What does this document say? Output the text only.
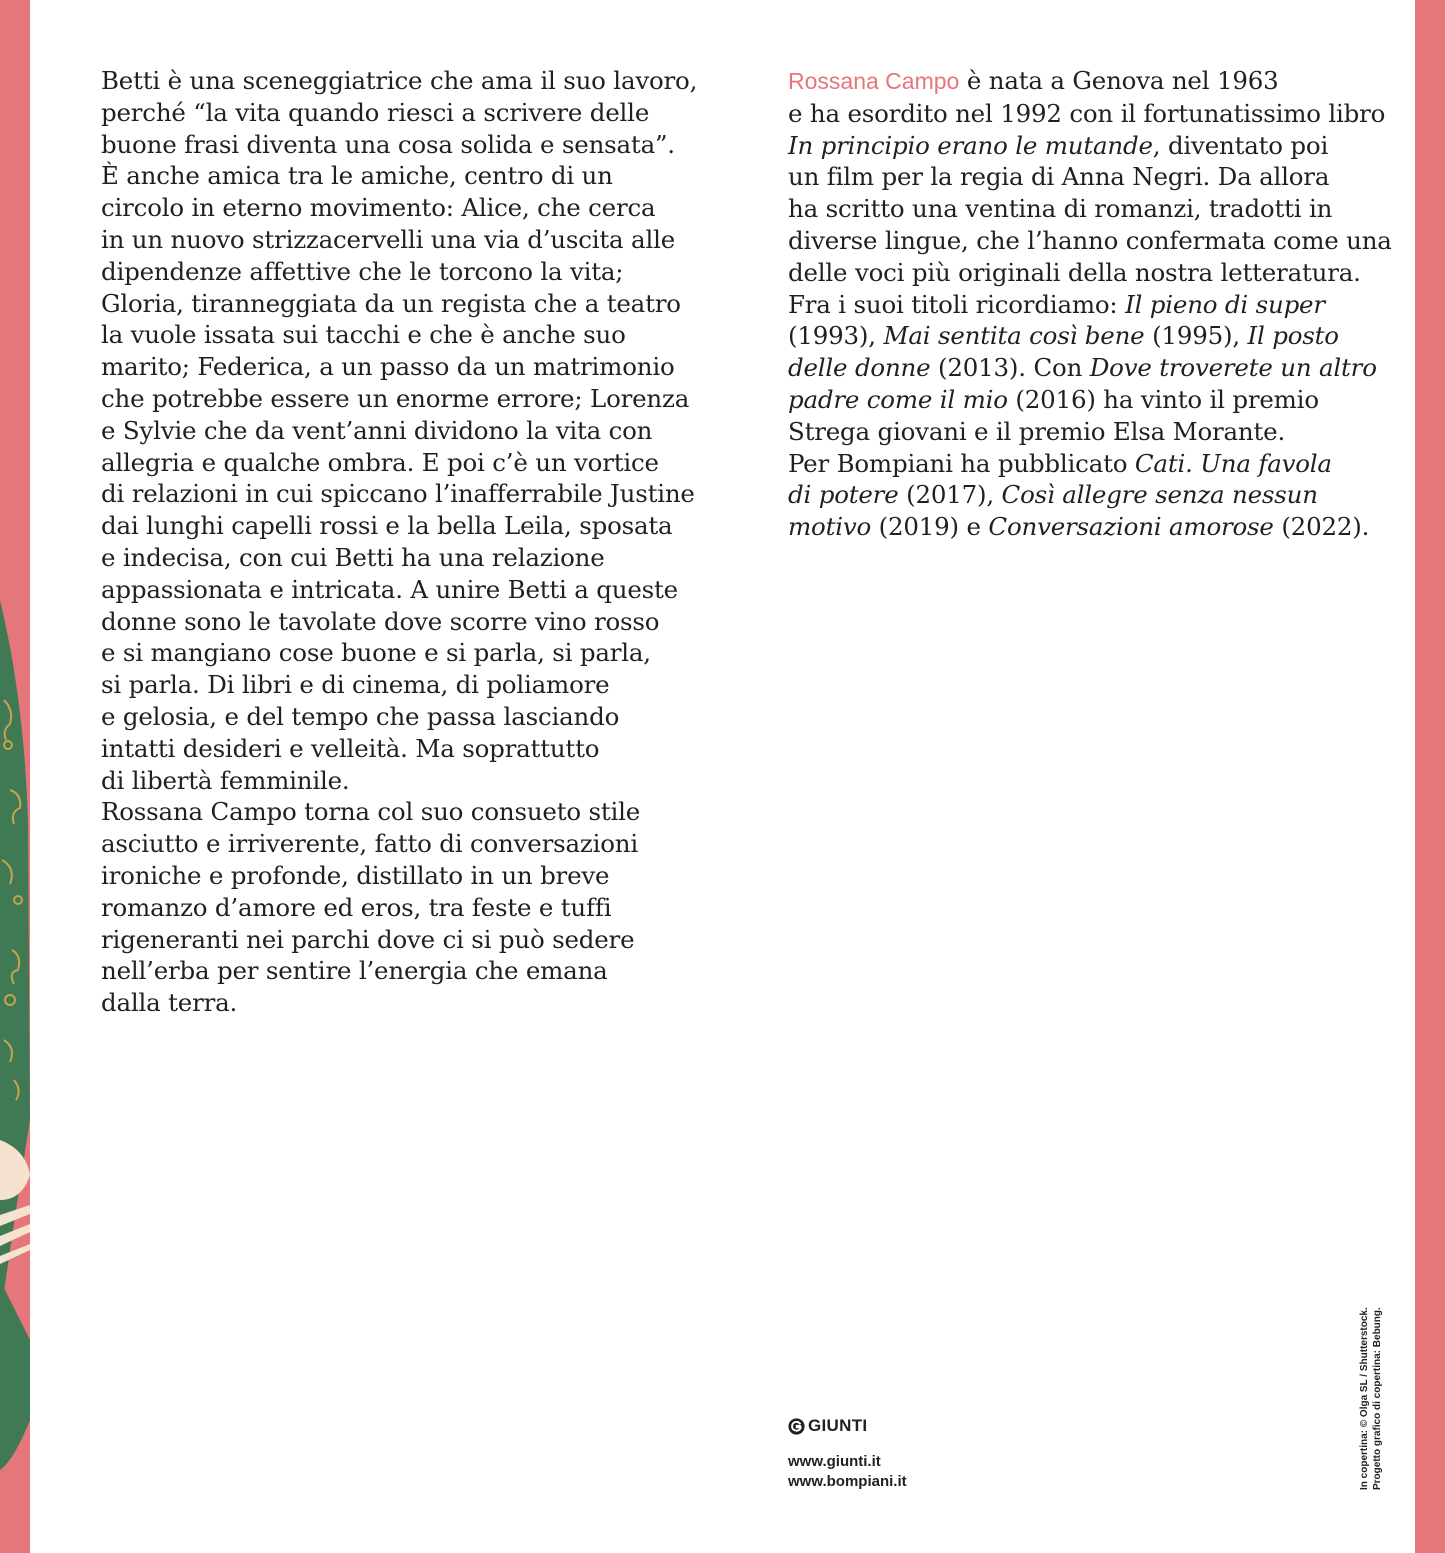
Betti è una sceneggiatrice che ama il suo lavoro,
perché “la vita quando riesci a scrivere delle
buone frasi diventa una cosa solida e sensata”.
È anche amica tra le amiche, centro di un
circolo in eterno movimento: Alice, che cerca
in un nuovo strizzacervelli una via d’uscita alle
dipendenze affettive che le torcono la vita;
Gloria, tiranneggiata da un regista che a teatro
la vuole issata sui tacchi e che è anche suo
marito; Federica, a un passo da un matrimonio
che potrebbe essere un enorme errore; Lorenza
e Sylvie che da vent’anni dividono la vita con
allegria e qualche ombra. E poi c’è un vortice
di relazioni in cui spiccano l’inafferrabile Justine
dai lunghi capelli rossi e la bella Leila, sposata
e indecisa, con cui Betti ha una relazione
appassionata e intricata. A unire Betti a queste
donne sono le tavolate dove scorre vino rosso
e si mangiano cose buone e si parla, si parla,
si parla. Di libri e di cinema, di poliamore
e gelosia, e del tempo che passa lasciando
intatti desideri e velleità. Ma soprattutto
di libertà femminile.
Rossana Campo torna col suo consueto stile
asciutto e irriverente, fatto di conversazioni
ironiche e profonde, distillato in un breve
romanzo d’amore ed eros, tra feste e tuffi
rigeneranti nei parchi dove ci si può sedere
nell’erba per sentire l’energia che emana
dalla terra.
Rossana Campo è nata a Genova nel 1963
e ha esordito nel 1992 con il fortunatissimo libro
In principio erano le mutande, diventato poi
un film per la regia di Anna Negri. Da allora
ha scritto una ventina di romanzi, tradotti in
diverse lingue, che l’hanno confermata come una
delle voci più originali della nostra letteratura.
Fra i suoi titoli ricordiamo: Il pieno di super
(1993), Mai sentita così bene (1995), Il posto
delle donne (2013). Con Dove troverete un altro
padre come il mio (2016) ha vinto il premio
Strega giovani e il premio Elsa Morante.
Per Bompiani ha pubblicato Cati. Una favola
di potere (2017), Così allegre senza nessun
motivo (2019) e Conversazioni amorose (2022).
GIUNTI
www.giunti.it
www.bompiani.it	In copertina: © Olga SL / Shutterstock. Progetto grafico di copertina: Bebung.
